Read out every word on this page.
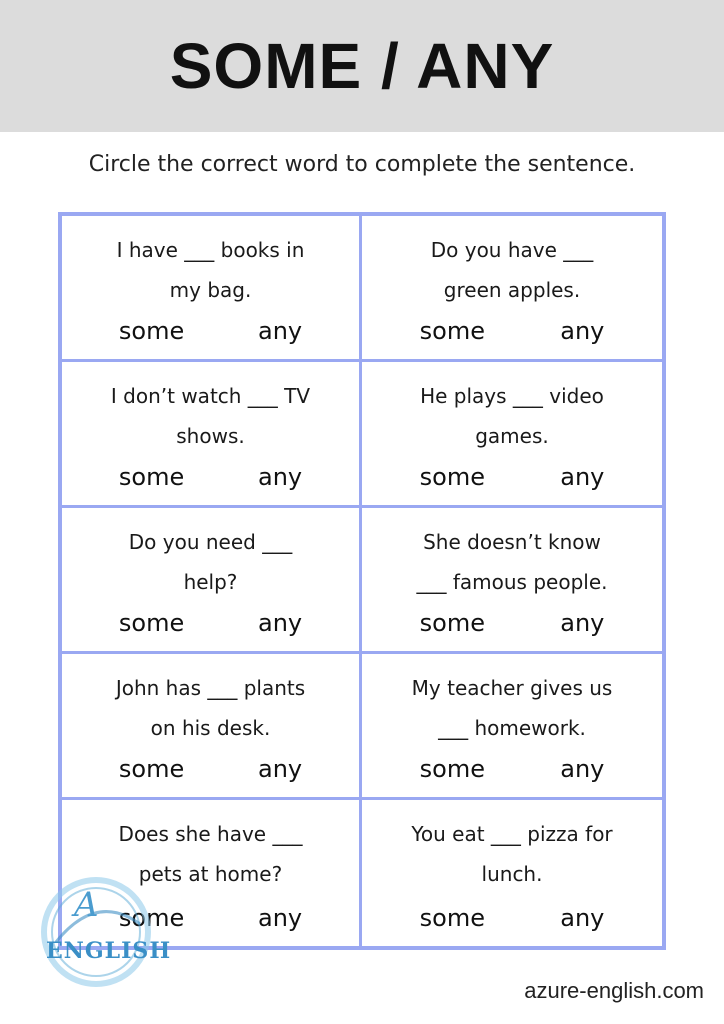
SOME / ANY
Circle the correct word to complete the sentence.
I have ___ books in
my bag.
some	any
Do you have ___
green apples.
some	any
I don’t watch ___ TV
shows.
some	any
He plays ___ video
games.
some	any
Do you need ___
help?
some	any
She doesn’t know
___ famous people.
some	any
John has ___ plants
on his desk.
some	any
My teacher gives us
___ homework.
some	any
Does she have ___
pets at home?
some	any
You eat ___ pizza for
lunch.
some	any
A
ENGLISH
azure-english.com
